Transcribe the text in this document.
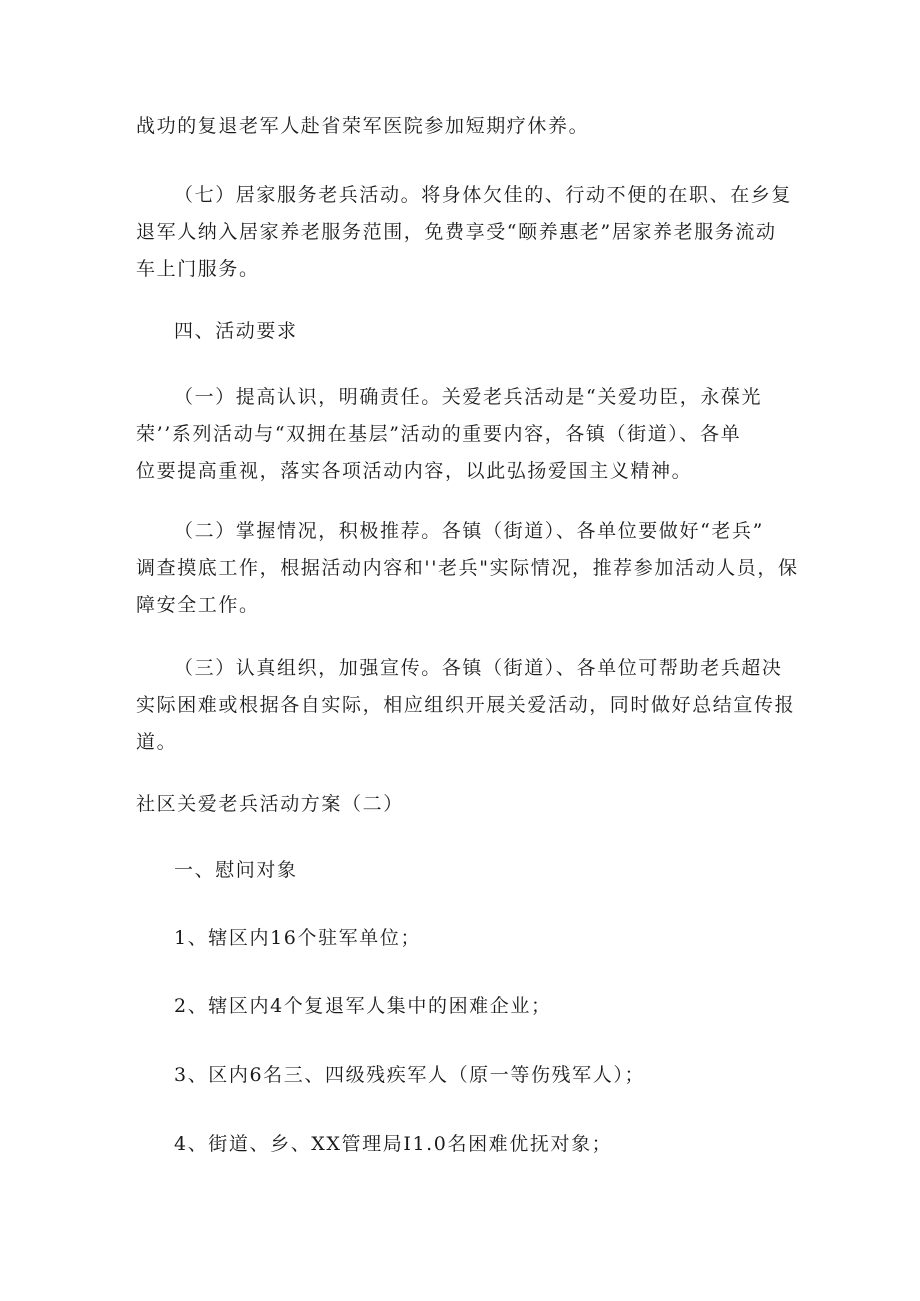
战功的复退老军人赴省荣军医院参加短期疗休养。

（七）居家服务老兵活动。将身体欠佳的、行动不便的在职、在乡复
退军人纳入居家养老服务范围，免费享受“颐养惠老”居家养老服务流动
车上门服务。

四、活动要求

（一）提高认识，明确责任。关爱老兵活动是“关爱功臣，永葆光
荣’’系列活动与“双拥在基层”活动的重要内容，各镇（街道）、各单
位要提高重视，落实各项活动内容，以此弘扬爱国主义精神。

（二）掌握情况，积极推荐。各镇（街道）、各单位要做好“老兵”
调查摸底工作，根据活动内容和''老兵"实际情况，推荐参加活动人员，保
障安全工作。

（三）认真组织，加强宣传。各镇（街道）、各单位可帮助老兵超决
实际困难或根据各自实际，相应组织开展关爱活动，同时做好总结宣传报
道。

社区关爱老兵活动方案（二）

一、慰问对象

1、辖区内16个驻军单位；

2、辖区内4个复退军人集中的困难企业；

3、区内6名三、四级残疾军人（原一等伤残军人）；

4、街道、乡、XX管理局I1.0名困难优抚对象；
